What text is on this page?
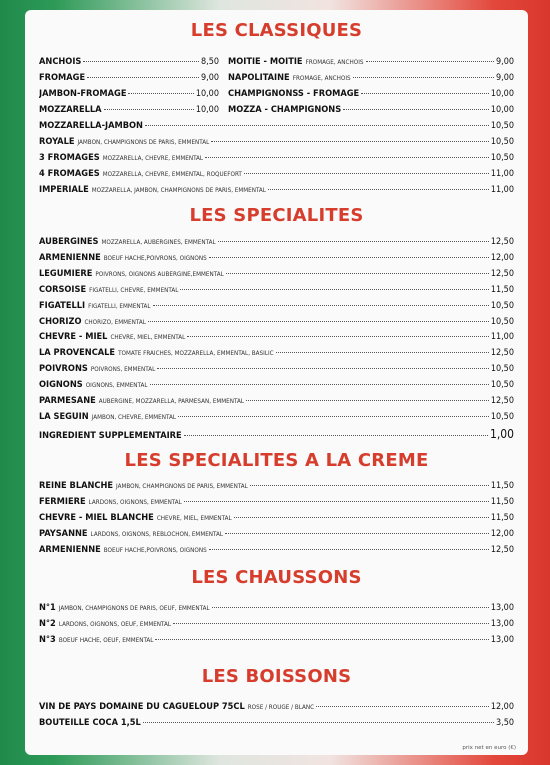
LES CLASSIQUES
LES SPECIALITES
LES SPECIALITES A LA CREME
LES CHAUSSONS
LES BOISSONS
prix net en euro (€)
ANCHOIS	8,50 MOITIE - MOITIE FROMAGE, ANCHOIS	9,00
FROMAGE	9,00 NAPOLITAINE FROMAGE, ANCHOIS	9,00
JAMBON-FROMAGE	10,00 CHAMPIGNONSS - FROMAGE	10,00
MOZZARELLA	10,00 MOZZA - CHAMPIGNONS	10,00
MOZZARELLA-JAMBON	10,50
ROYALE JAMBON, CHAMPIGNONS DE PARIS, EMMENTAL	10,50
3 FROMAGES MOZZARELLA, CHEVRE, EMMENTAL	10,50
4 FROMAGES MOZZARELLA, CHEVRE, EMMENTAL, ROQUEFORT	11,00
IMPERIALE MOZZARELLA, JAMBON, CHAMPIGNONS DE PARIS, EMMENTAL	11,00
AUBERGINES MOZZARELLA, AUBERGINES, EMMENTAL	12,50
ARMENIENNE BOEUF HACHE,POIVRONS, OIGNONS	12,00
LEGUMIERE POIVRONS, OIGNONS AUBERGINE,EMMENTAL	12,50
CORSOISE FIGATELLI, CHEVRE, EMMENTAL	11,50
FIGATELLI FIGATELLI, EMMENTAL	10,50
CHORIZO CHORIZO, EMMENTAL	10,50
CHEVRE - MIEL CHEVRE, MIEL, EMMENTAL	11,00
LA PROVENCALE TOMATE FRAICHES, MOZZARELLA, EMMENTAL, BASILIC	12,50
POIVRONS POIVRONS, EMMENTAL	10,50
OIGNONS OIGNONS, EMMENTAL	10,50
PARMESANE AUBERGINE, MOZZARELLA, PARMESAN, EMMENTAL	12,50
LA SEGUIN JAMBON, CHEVRE, EMMENTAL	10,50
INGREDIENT SUPPLEMENTAIRE	1,00
REINE BLANCHE JAMBON, CHAMPIGNONS DE PARIS, EMMENTAL	11,50
FERMIERE LARDONS, OIGNONS, EMMENTAL	11,50
CHEVRE - MIEL BLANCHE CHEVRE, MIEL, EMMENTAL	11,50
PAYSANNE LARDONS, OIGNONS, REBLOCHON, EMMENTAL	12,00
ARMENIENNE BOEUF HACHE,POIVRONS, OIGNONS	12,50
N°1 JAMBON, CHAMPIGNONS DE PARIS, OEUF, EMMENTAL	13,00
N°2 LARDONS, OIGNONS, OEUF, EMMENTAL	13,00
N°3 BOEUF HACHE, OEUF, EMMENTAL	13,00
VIN DE PAYS DOMAINE DU CAGUELOUP 75CL ROSE / ROUGE / BLANC	12,00
BOUTEILLE COCA 1,5L	3,50
